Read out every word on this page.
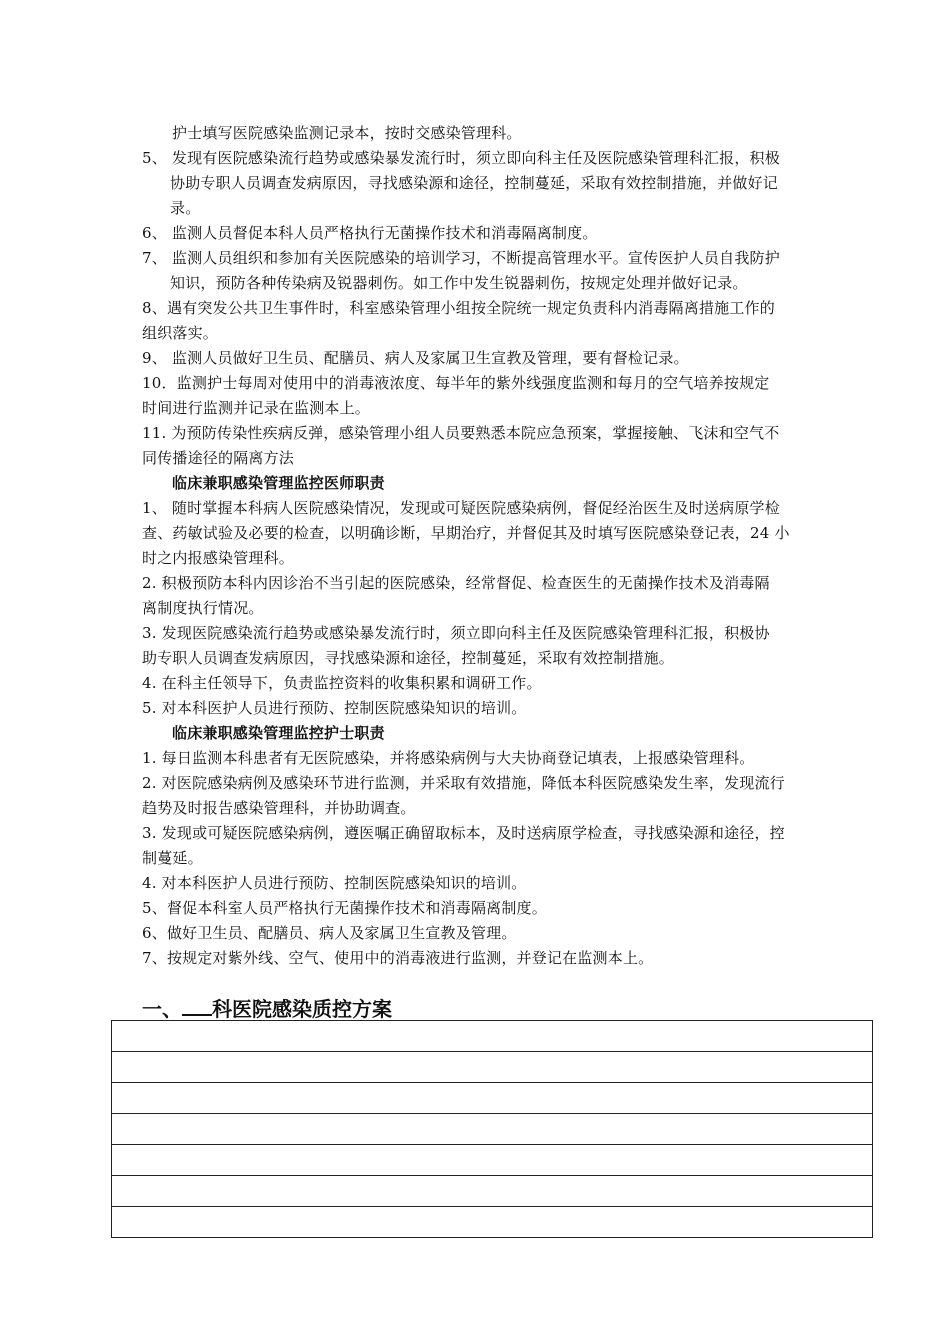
护士填写医院感染监测记录本，按时交感染管理科。
5、 发现有医院感染流行趋势或感染暴发流行时，须立即向科主任及医院感染管理科汇报，积极
协助专职人员调查发病原因，寻找感染源和途径，控制蔓延，采取有效控制措施，并做好记
录。
6、 监测人员督促本科人员严格执行无菌操作技术和消毒隔离制度。
7、 监测人员组织和参加有关医院感染的培训学习，不断提高管理水平。宣传医护人员自我防护
知识，预防各种传染病及锐器刺伤。如工作中发生锐器刺伤，按规定处理并做好记录。
8、遇有突发公共卫生事件时，科室感染管理小组按全院统一规定负责科内消毒隔离措施工作的
组织落实。
9、 监测人员做好卫生员、配膳员、病人及家属卫生宣教及管理，要有督检记录。
10．监测护士每周对使用中的消毒液浓度、每半年的紫外线强度监测和每月的空气培养按规定
时间进行监测并记录在监测本上。
11. 为预防传染性疾病反弹，感染管理小组人员要熟悉本院应急预案，掌握接触、飞沫和空气不
同传播途径的隔离方法
临床兼职感染管理监控医师职责
1、 随时掌握本科病人医院感染情况，发现或可疑医院感染病例，督促经治医生及时送病原学检
查、药敏试验及必要的检查，以明确诊断，早期治疗，并督促其及时填写医院感染登记表，24 小
时之内报感染管理科。
2. 积极预防本科内因诊治不当引起的医院感染，经常督促、检查医生的无菌操作技术及消毒隔
离制度执行情况。
3. 发现医院感染流行趋势或感染暴发流行时，须立即向科主任及医院感染管理科汇报，积极协
助专职人员调查发病原因，寻找感染源和途径，控制蔓延，采取有效控制措施。
4. 在科主任领导下，负责监控资料的收集积累和调研工作。
5. 对本科医护人员进行预防、控制医院感染知识的培训。
临床兼职感染管理监控护士职责
1. 每日监测本科患者有无医院感染，并将感染病例与大夫协商登记填表，上报感染管理科。
2. 对医院感染病例及感染环节进行监测，并采取有效措施，降低本科医院感染发生率，发现流行
趋势及时报告感染管理科，并协助调查。
3. 发现或可疑医院感染病例，遵医嘱正确留取标本，及时送病原学检查，寻找感染源和途径，控
制蔓延。
4. 对本科医护人员进行预防、控制医院感染知识的培训。
5、督促本科室人员严格执行无菌操作技术和消毒隔离制度。
6、做好卫生员、配膳员、病人及家属卫生宣教及管理。
7、按规定对紫外线、空气、使用中的消毒液进行监测，并登记在监测本上。
一、 科医院感染质控方案
